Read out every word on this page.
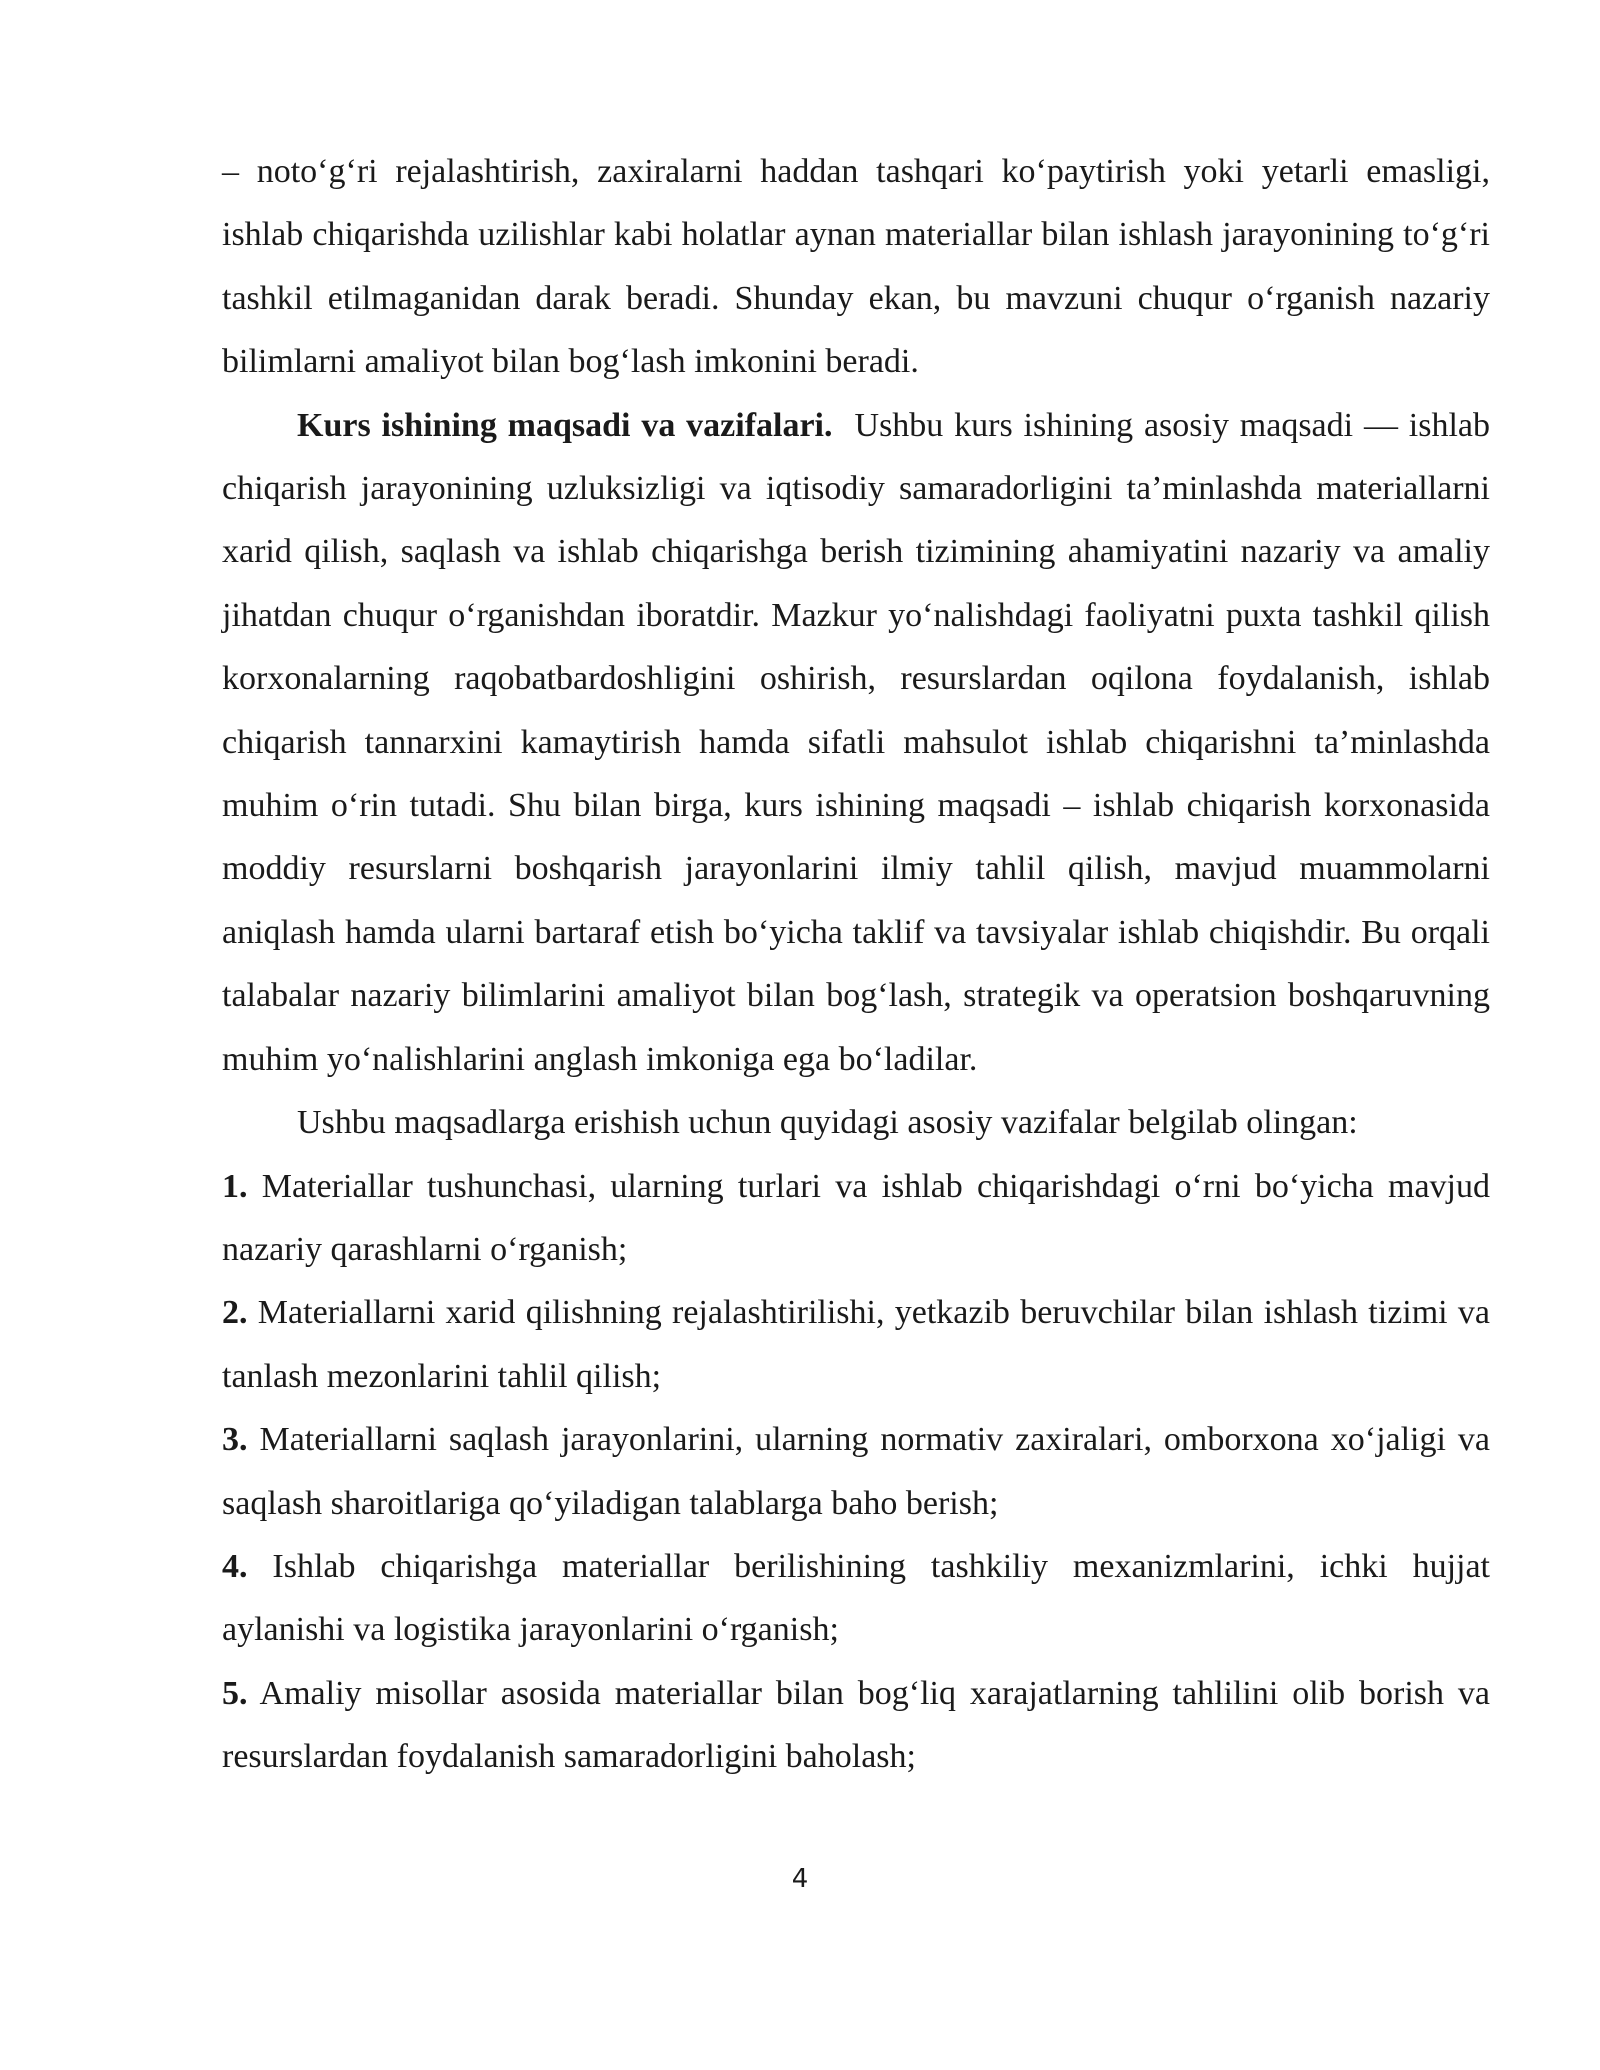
– noto‘g‘ri rejalashtirish, zaxiralarni haddan tashqari ko‘paytirish yoki yetarli emasligi, ishlab chiqarishda uzilishlar kabi holatlar aynan materiallar bilan ishlash jarayonining to‘g‘ri tashkil etilmaganidan darak beradi. Shunday ekan, bu mavzuni chuqur o‘rganish nazariy bilimlarni amaliyot bilan bog‘lash imkonini beradi.

Kurs ishining maqsadi va vazifalari. Ushbu kurs ishining asosiy maqsadi — ishlab chiqarish jarayonining uzluksizligi va iqtisodiy samaradorligini ta’minlashda materiallarni xarid qilish, saqlash va ishlab chiqarishga berish tizimining ahamiyatini nazariy va amaliy jihatdan chuqur o‘rganishdan iboratdir. Mazkur yo‘nalishdagi faoliyatni puxta tashkil qilish korxonalarning raqobatbardoshligini oshirish, resurslardan oqilona foydalanish, ishlab chiqarish tannarxini kamaytirish hamda sifatli mahsulot ishlab chiqarishni ta’minlashda muhim o‘rin tutadi. Shu bilan birga, kurs ishining maqsadi – ishlab chiqarish korxonasida moddiy resurslarni boshqarish jarayonlarini ilmiy tahlil qilish, mavjud muammolarni aniqlash hamda ularni bartaraf etish bo‘yicha taklif va tavsiyalar ishlab chiqishdir. Bu orqali talabalar nazariy bilimlarini amaliyot bilan bog‘lash, strategik va operatsion boshqaruvning muhim yo‘nalishlarini anglash imkoniga ega bo‘ladilar.

Ushbu maqsadlarga erishish uchun quyidagi asosiy vazifalar belgilab olingan:

1. Materiallar tushunchasi, ularning turlari va ishlab chiqarishdagi o‘rni bo‘yicha mavjud nazariy qarashlarni o‘rganish;

2. Materiallarni xarid qilishning rejalashtirilishi, yetkazib beruvchilar bilan ishlash tizimi va tanlash mezonlarini tahlil qilish;

3. Materiallarni saqlash jarayonlarini, ularning normativ zaxiralari, omborxona xo‘jaligi va saqlash sharoitlariga qo‘yiladigan talablarga baho berish;

4. Ishlab chiqarishga materiallar berilishining tashkiliy mexanizmlarini, ichki hujjat aylanishi va logistika jarayonlarini o‘rganish;

5. Amaliy misollar asosida materiallar bilan bog‘liq xarajatlarning tahlilini olib borish va resurslardan foydalanish samaradorligini baholash;

4
